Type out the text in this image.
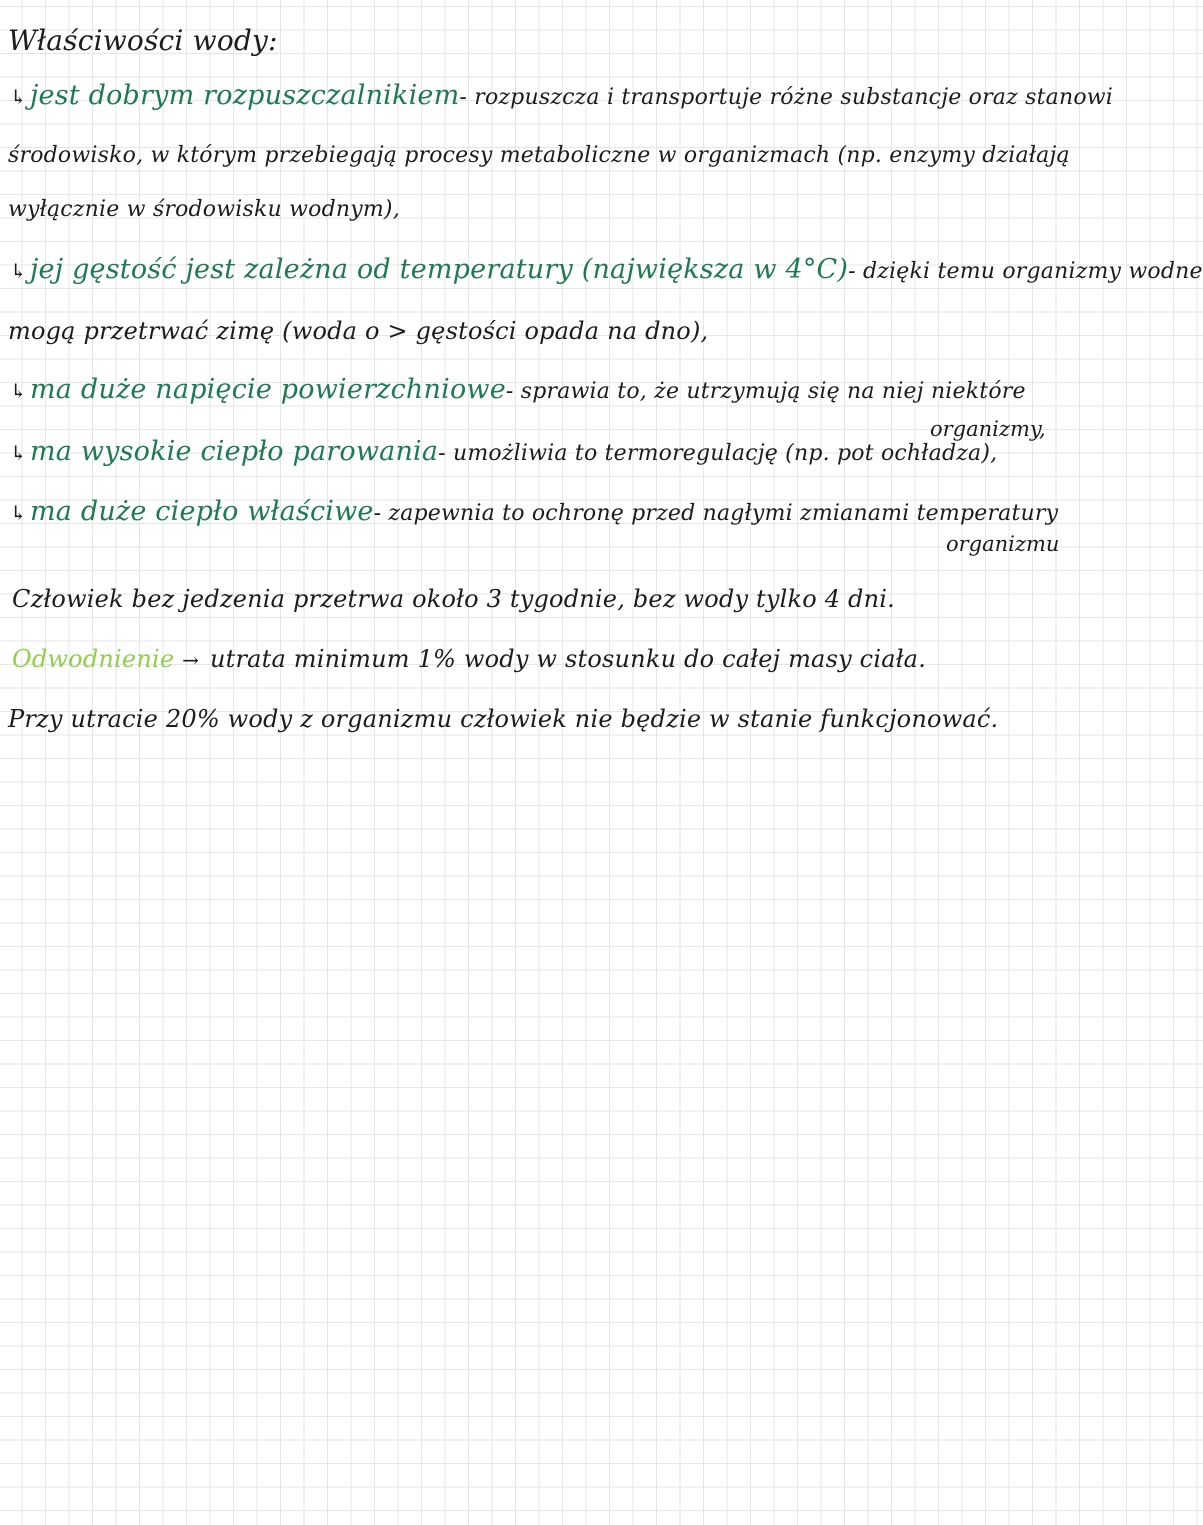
Właściwości wody:
↳ jest dobrym rozpuszczalnikiem- rozpuszcza i transportuje różne substancje oraz stanowi
środowisko, w którym przebiegają procesy metaboliczne w organizmach (np. enzymy działają
wyłącznie w środowisku wodnym),
↳ jej gęstość jest zależna od temperatury (największa w 4°C)- dzięki temu organizmy wodne
mogą przetrwać zimę (woda o > gęstości opada na dno),
↳ ma duże napięcie powierzchniowe- sprawia to, że utrzymują się na niej niektóre
organizmy,
↳ ma wysokie ciepło parowania- umożliwia to termoregulację (np. pot ochładza),
↳ ma duże ciepło właściwe- zapewnia to ochronę przed nagłymi zmianami temperatury
organizmu
Człowiek bez jedzenia przetrwa około 3 tygodnie, bez wody tylko 4 dni.
Odwodnienie → utrata minimum 1% wody w stosunku do całej masy ciała.
Przy utracie 20% wody z organizmu człowiek nie będzie w stanie funkcjonować.
